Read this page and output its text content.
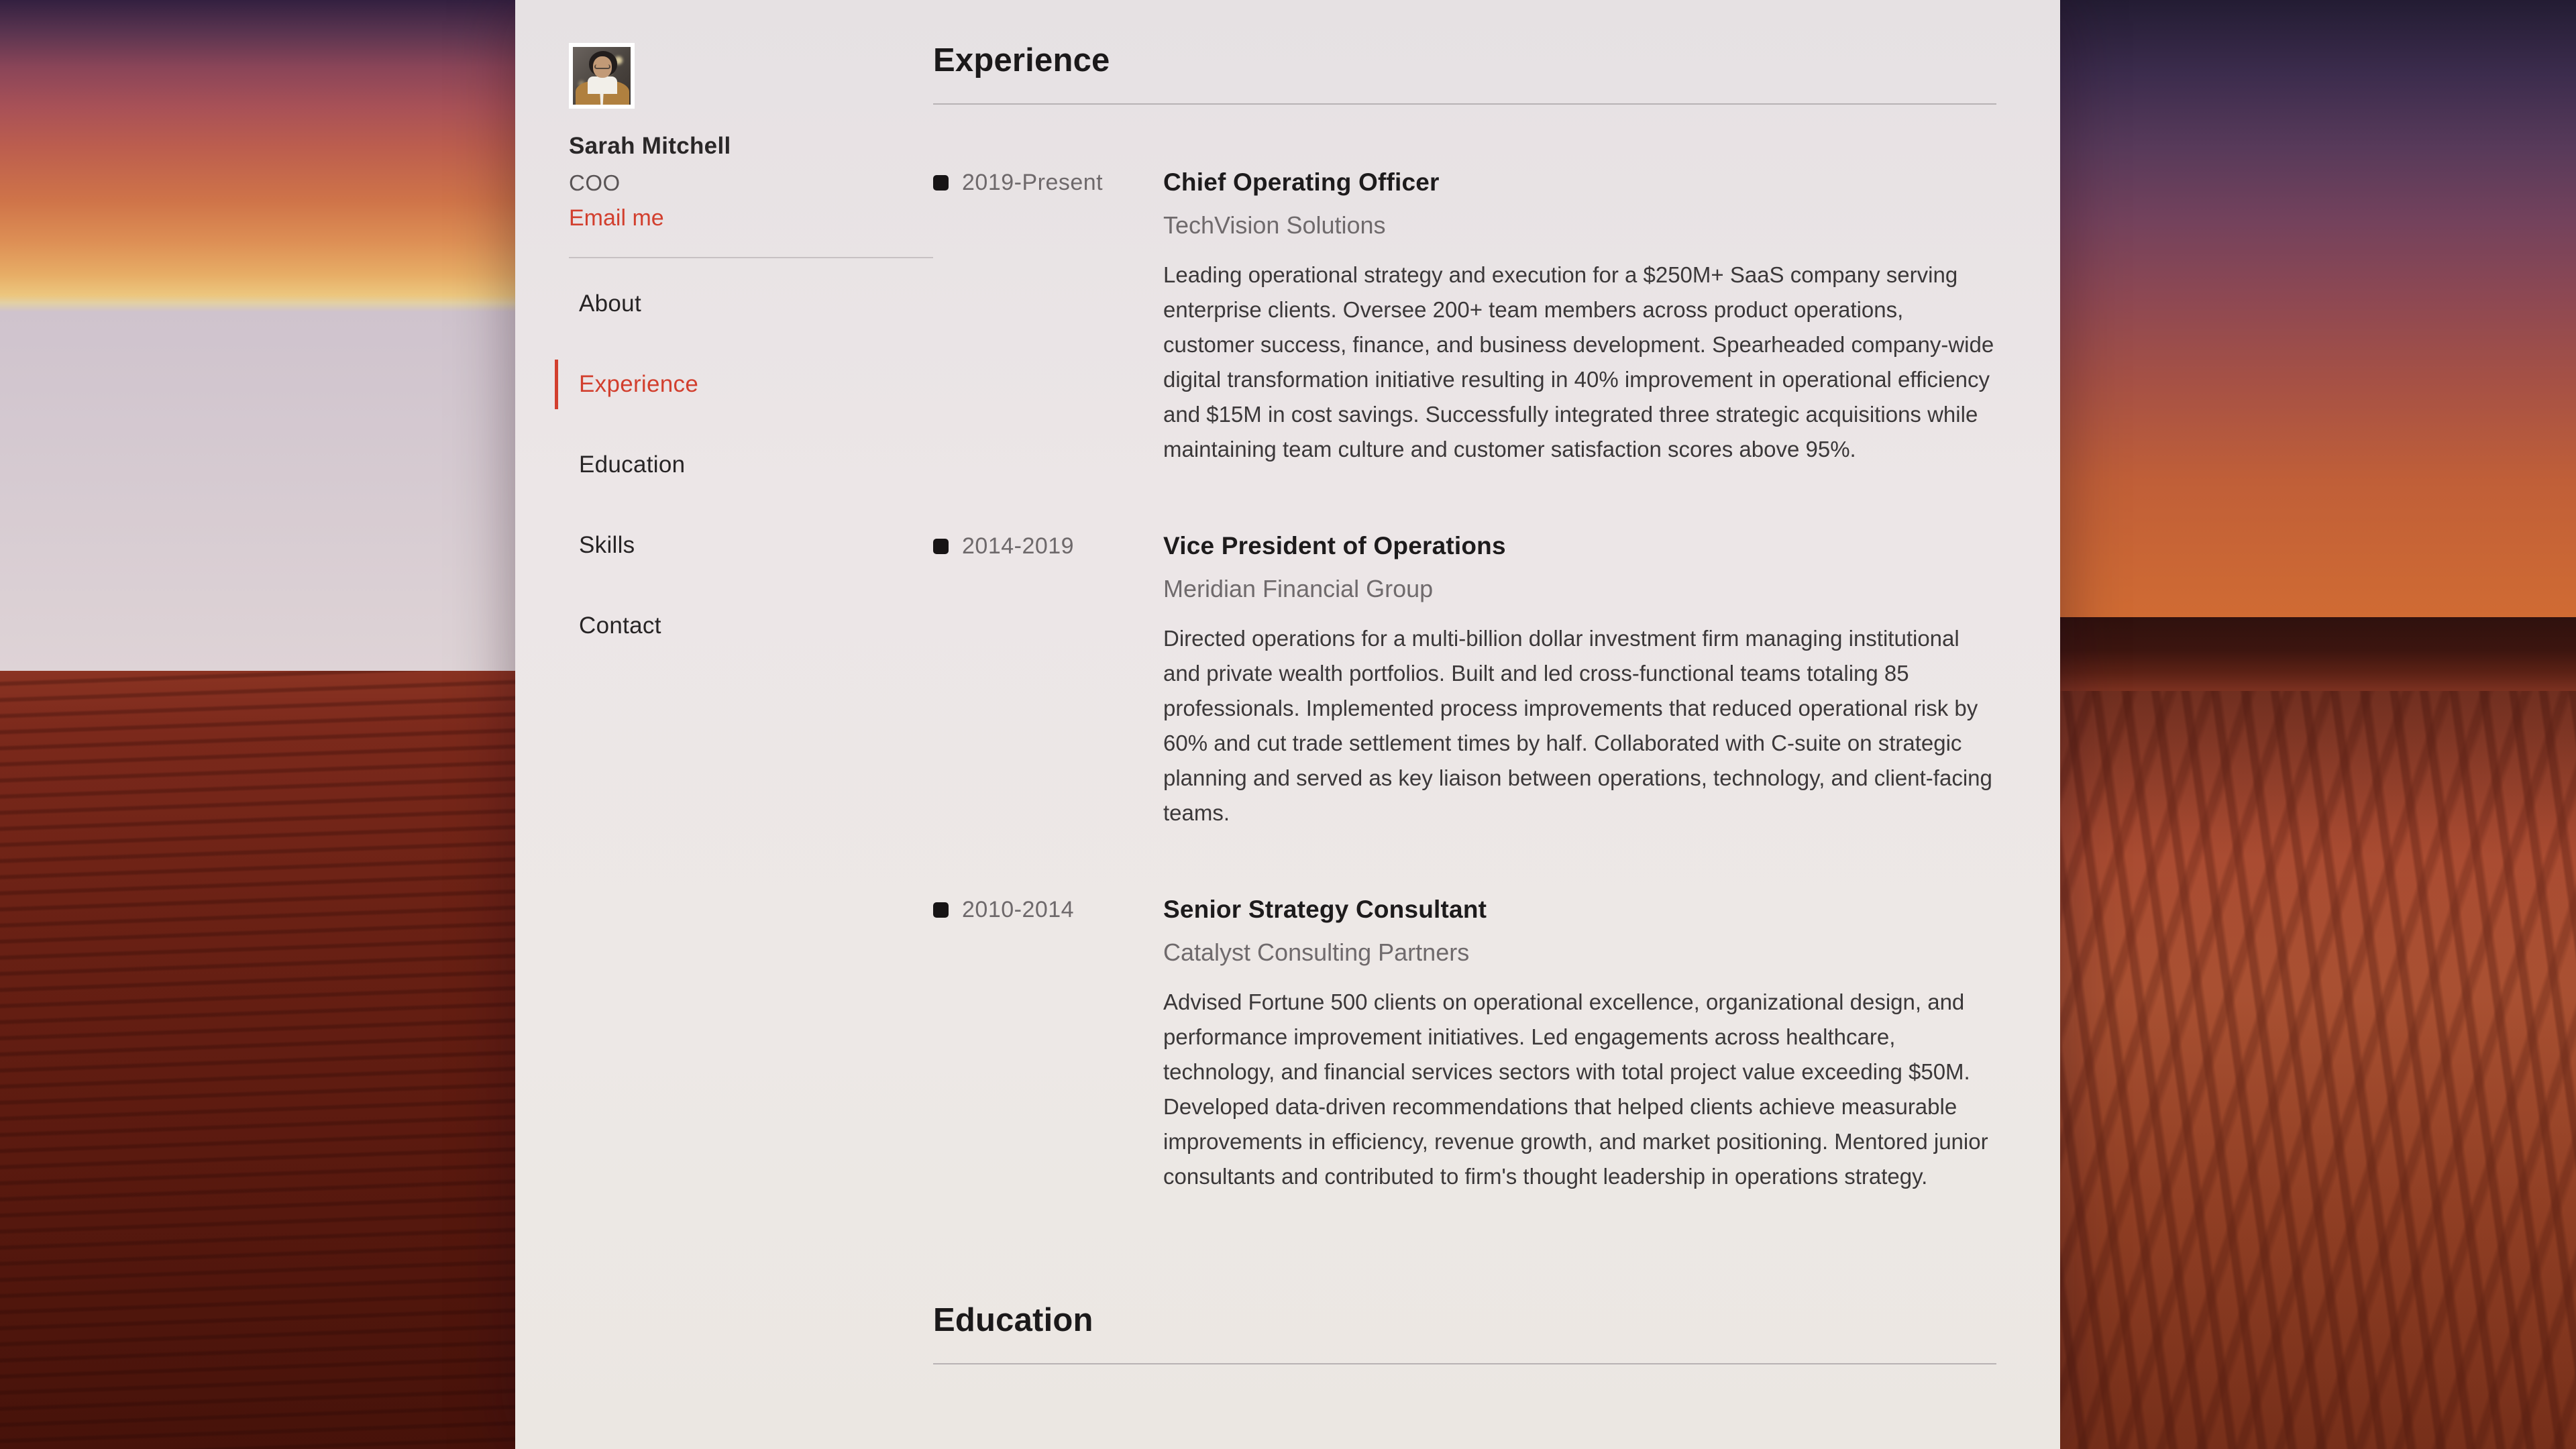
Sarah Mitchell
COO
Email me
About
Experience
Education
Skills
Contact
Experience
2019-Present Chief Operating Officer
TechVision Solutions
Leading operational strategy and execution for a $250M+ SaaS company serving enterprise clients. Oversee 200+ team members across product operations, customer success, finance, and business development. Spearheaded company-wide digital transformation initiative resulting in 40% improvement in operational efficiency and $15M in cost savings. Successfully integrated three strategic acquisitions while maintaining team culture and customer satisfaction scores above 95%.
2014-2019	Vice President of Operations
Meridian Financial Group
Directed operations for a multi-billion dollar investment firm managing institutional and private wealth portfolios. Built and led cross-functional teams totaling 85 professionals. Implemented process improvements that reduced operational risk by 60% and cut trade settlement times by half. Collaborated with C-suite on strategic planning and served as key liaison between operations, technology, and client-facing teams.
2010-2014	Senior Strategy Consultant
Catalyst Consulting Partners
Advised Fortune 500 clients on operational excellence, organizational design, and performance improvement initiatives. Led engagements across healthcare, technology, and financial services sectors with total project value exceeding $50M. Developed data-driven recommendations that helped clients achieve measurable improvements in efficiency, revenue growth, and market positioning. Mentored junior consultants and contributed to firm's thought leadership in operations strategy.
Education
